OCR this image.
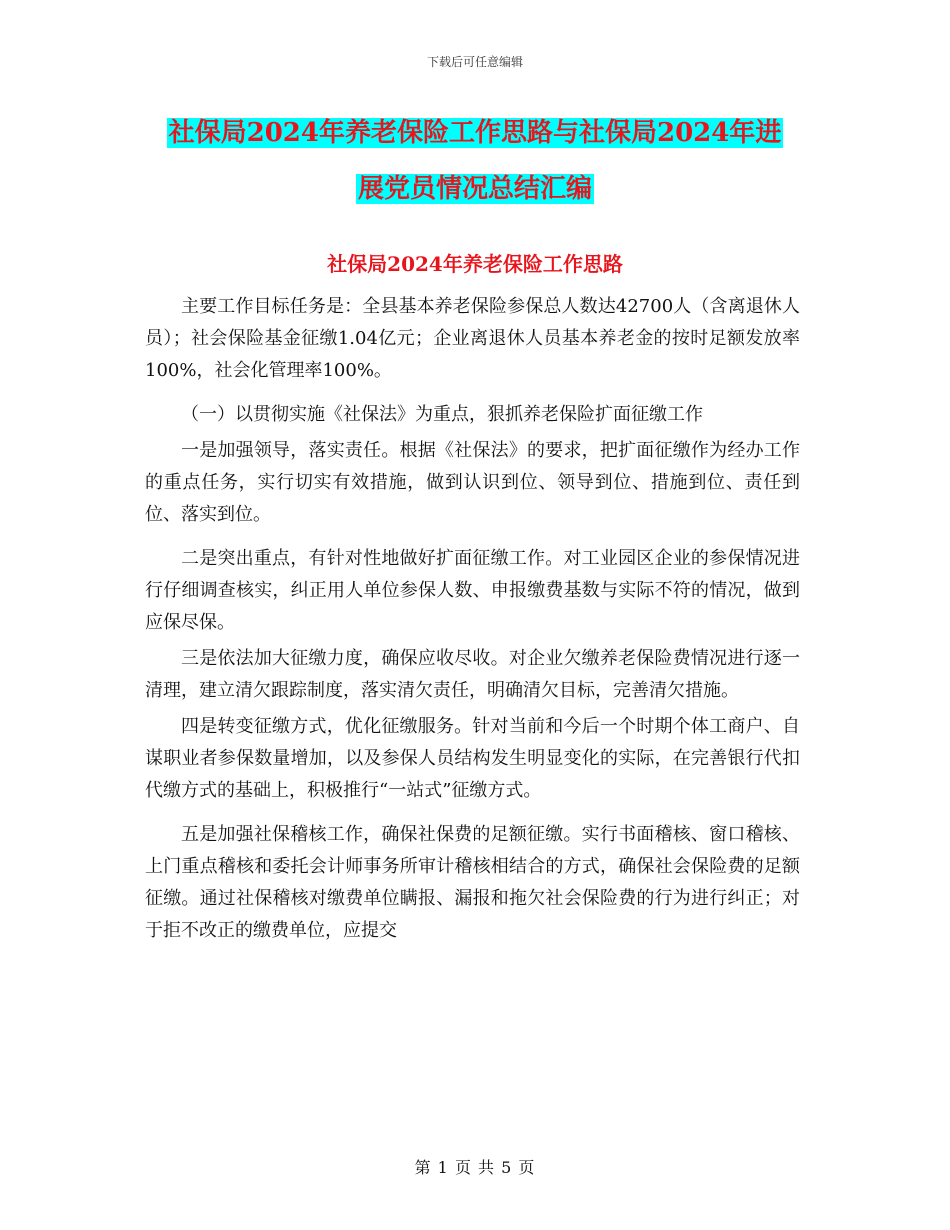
下载后可任意编辑
社保局2024年养老保险工作思路与社保局2024年进
展党员情况总结汇编
社保局2024年养老保险工作思路

主要工作目标任务是：全县基本养老保险参保总人数达42700人（含离退休人员）；社会保险基金征缴1.04亿元；企业离退休人员基本养老金的按时足额发放率100%，社会化管理率100%。

（一）以贯彻实施《社保法》为重点，狠抓养老保险扩面征缴工作

一是加强领导，落实责任。根据《社保法》的要求，把扩面征缴作为经办工作的重点任务，实行切实有效措施，做到认识到位、领导到位、措施到位、责任到位、落实到位。

二是突出重点，有针对性地做好扩面征缴工作。对工业园区企业的参保情况进行仔细调查核实，纠正用人单位参保人数、申报缴费基数与实际不符的情况，做到应保尽保。

三是依法加大征缴力度，确保应收尽收。对企业欠缴养老保险费情况进行逐一清理，建立清欠跟踪制度，落实清欠责任，明确清欠目标，完善清欠措施。

四是转变征缴方式，优化征缴服务。针对当前和今后一个时期个体工商户、自谋职业者参保数量增加，以及参保人员结构发生明显变化的实际，在完善银行代扣代缴方式的基础上，积极推行“一站式”征缴方式。

五是加强社保稽核工作，确保社保费的足额征缴。实行书面稽核、窗口稽核、上门重点稽核和委托会计师事务所审计稽核相结合的方式，确保社会保险费的足额征缴。通过社保稽核对缴费单位瞒报、漏报和拖欠社会保险费的行为进行纠正；对于拒不改正的缴费单位，应提交

第 1 页 共 5 页
